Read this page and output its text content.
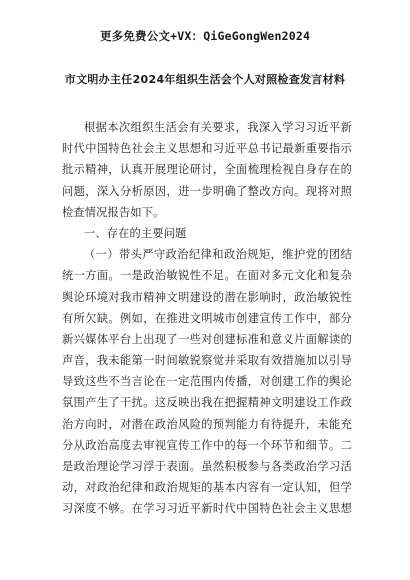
更多免费公文+VX：QiGeGongWen2024
市文明办主任2024年组织生活会个人对照检查发言材料
根据本次组织生活会有关要求，我深入学习习近平新
时代中国特色社会主义思想和习近平总书记最新重要指示
批示精神，认真开展理论研讨，全面梳理检视自身存在的
问题，深入分析原因，进一步明确了整改方向。现将对照
检查情况报告如下。
一、存在的主要问题
（一）带头严守政治纪律和政治规矩，维护党的团结
统一方面。一是政治敏锐性不足。在面对多元文化和复杂
舆论环境对我市精神文明建设的潜在影响时，政治敏锐性
有所欠缺。例如，在推进文明城市创建宣传工作中，部分
新兴媒体平台上出现了一些对创建标准和意义片面解读的
声音，我未能第一时间敏锐察觉并采取有效措施加以引导
导致这些不当言论在一定范围内传播，对创建工作的舆论
氛围产生了干扰。这反映出我在把握精神文明建设工作政
治方向时，对潜在政治风险的预判能力有待提升，未能充
分从政治高度去审视宣传工作中的每一个环节和细节。二
是政治理论学习浮于表面。虽然积极参与各类政治学习活
动，对政治纪律和政治规矩的基本内容有一定认知，但学
习深度不够。在学习习近平新时代中国特色社会主义思想
